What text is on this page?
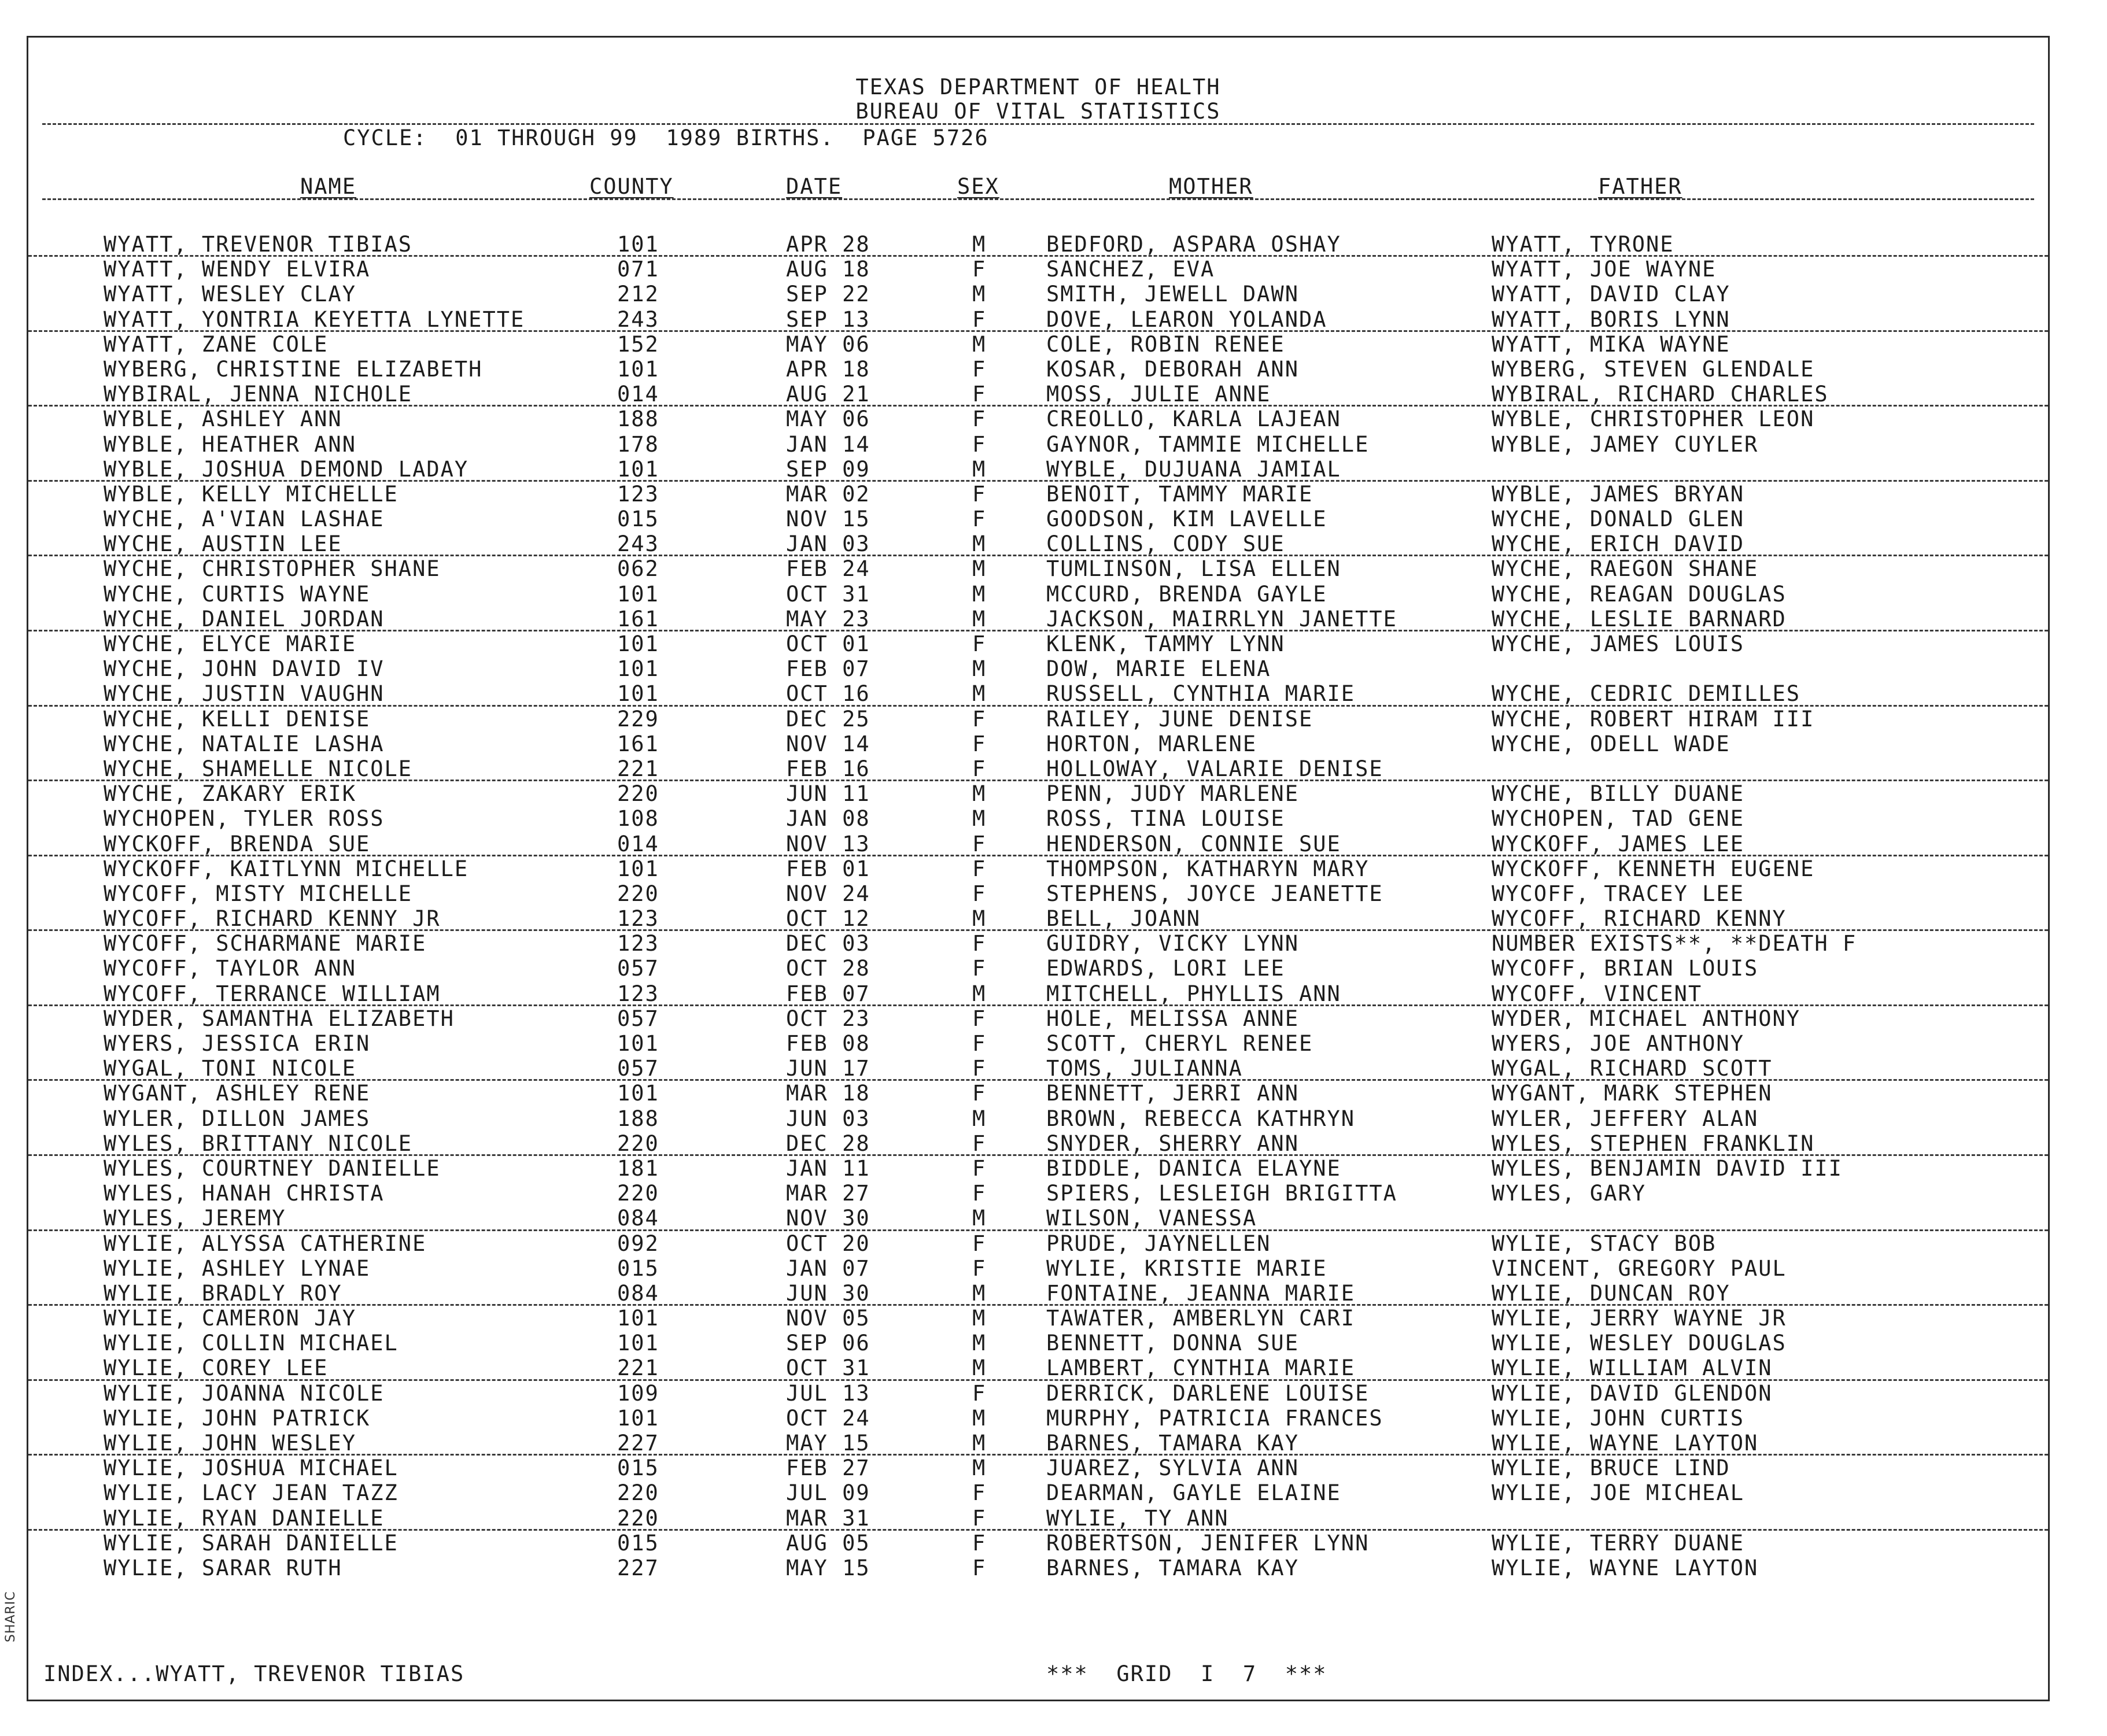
TEXAS DEPARTMENT OF HEALTH
BUREAU OF VITAL STATISTICS
CYCLE:  01 THROUGH 99  1989 BIRTHS.  PAGE 5726
NAME	COUNTY	DATE	SEX	MOTHER	FATHER
WYATT, TREVENOR TIBIAS	101	APR 28	M	BEDFORD, ASPARA OSHAY	WYATT, TYRONE
WYATT, WENDY ELVIRA	071	AUG 18	F	SANCHEZ, EVA	WYATT, JOE WAYNE
WYATT, WESLEY CLAY	212	SEP 22	M	SMITH, JEWELL DAWN	WYATT, DAVID CLAY
WYATT, YONTRIA KEYETTA LYNETTE	243	SEP 13	F	DOVE, LEARON YOLANDA	WYATT, BORIS LYNN
WYATT, ZANE COLE	152	MAY 06	M	COLE, ROBIN RENEE	WYATT, MIKA WAYNE
WYBERG, CHRISTINE ELIZABETH	101	APR 18	F	KOSAR, DEBORAH ANN	WYBERG, STEVEN GLENDALE
WYBIRAL, JENNA NICHOLE	014	AUG 21	F	MOSS, JULIE ANNE	WYBIRAL, RICHARD CHARLES
WYBLE, ASHLEY ANN	188	MAY 06	F	CREOLLO, KARLA LAJEAN	WYBLE, CHRISTOPHER LEON
WYBLE, HEATHER ANN	178	JAN 14	F	GAYNOR, TAMMIE MICHELLE	WYBLE, JAMEY CUYLER
WYBLE, JOSHUA DEMOND LADAY	101	SEP 09	M	WYBLE, DUJUANA JAMIAL
WYBLE, KELLY MICHELLE	123	MAR 02	F	BENOIT, TAMMY MARIE	WYBLE, JAMES BRYAN
WYCHE, A'VIAN LASHAE	015	NOV 15	F	GOODSON, KIM LAVELLE	WYCHE, DONALD GLEN
WYCHE, AUSTIN LEE	243	JAN 03	M	COLLINS, CODY SUE	WYCHE, ERICH DAVID
WYCHE, CHRISTOPHER SHANE	062	FEB 24	M	TUMLINSON, LISA ELLEN	WYCHE, RAEGON SHANE
WYCHE, CURTIS WAYNE	101	OCT 31	M	MCCURD, BRENDA GAYLE	WYCHE, REAGAN DOUGLAS
WYCHE, DANIEL JORDAN	161	MAY 23	M	JACKSON, MAIRRLYN JANETTE	WYCHE, LESLIE BARNARD
WYCHE, ELYCE MARIE	101	OCT 01	F	KLENK, TAMMY LYNN	WYCHE, JAMES LOUIS
WYCHE, JOHN DAVID IV	101	FEB 07	M	DOW, MARIE ELENA
WYCHE, JUSTIN VAUGHN	101	OCT 16	M	RUSSELL, CYNTHIA MARIE	WYCHE, CEDRIC DEMILLES
WYCHE, KELLI DENISE	229	DEC 25	F	RAILEY, JUNE DENISE	WYCHE, ROBERT HIRAM III
WYCHE, NATALIE LASHA	161	NOV 14	F	HORTON, MARLENE	WYCHE, ODELL WADE
WYCHE, SHAMELLE NICOLE	221	FEB 16	F	HOLLOWAY, VALARIE DENISE
WYCHE, ZAKARY ERIK	220	JUN 11	M	PENN, JUDY MARLENE	WYCHE, BILLY DUANE
WYCHOPEN, TYLER ROSS	108	JAN 08	M	ROSS, TINA LOUISE	WYCHOPEN, TAD GENE
WYCKOFF, BRENDA SUE	014	NOV 13	F	HENDERSON, CONNIE SUE	WYCKOFF, JAMES LEE
WYCKOFF, KAITLYNN MICHELLE	101	FEB 01	F	THOMPSON, KATHARYN MARY	WYCKOFF, KENNETH EUGENE
WYCOFF, MISTY MICHELLE	220	NOV 24	F	STEPHENS, JOYCE JEANETTE	WYCOFF, TRACEY LEE
WYCOFF, RICHARD KENNY JR	123	OCT 12	M	BELL, JOANN	WYCOFF, RICHARD KENNY
WYCOFF, SCHARMANE MARIE	123	DEC 03	F	GUIDRY, VICKY LYNN	NUMBER EXISTS**, **DEATH F
WYCOFF, TAYLOR ANN	057	OCT 28	F	EDWARDS, LORI LEE	WYCOFF, BRIAN LOUIS
WYCOFF, TERRANCE WILLIAM	123	FEB 07	M	MITCHELL, PHYLLIS ANN	WYCOFF, VINCENT
WYDER, SAMANTHA ELIZABETH	057	OCT 23	F	HOLE, MELISSA ANNE	WYDER, MICHAEL ANTHONY
WYERS, JESSICA ERIN	101	FEB 08	F	SCOTT, CHERYL RENEE	WYERS, JOE ANTHONY
WYGAL, TONI NICOLE	057	JUN 17	F	TOMS, JULIANNA	WYGAL, RICHARD SCOTT
WYGANT, ASHLEY RENE	101	MAR 18	F	BENNETT, JERRI ANN	WYGANT, MARK STEPHEN
WYLER, DILLON JAMES	188	JUN 03	M	BROWN, REBECCA KATHRYN	WYLER, JEFFERY ALAN
WYLES, BRITTANY NICOLE	220	DEC 28	F	SNYDER, SHERRY ANN	WYLES, STEPHEN FRANKLIN
WYLES, COURTNEY DANIELLE	181	JAN 11	F	BIDDLE, DANICA ELAYNE	WYLES, BENJAMIN DAVID III
WYLES, HANAH CHRISTA	220	MAR 27	F	SPIERS, LESLEIGH BRIGITTA	WYLES, GARY
WYLES, JEREMY	084	NOV 30	M	WILSON, VANESSA
WYLIE, ALYSSA CATHERINE	092	OCT 20	F	PRUDE, JAYNELLEN	WYLIE, STACY BOB
WYLIE, ASHLEY LYNAE	015	JAN 07	F	WYLIE, KRISTIE MARIE	VINCENT, GREGORY PAUL
WYLIE, BRADLY ROY	084	JUN 30	M	FONTAINE, JEANNA MARIE	WYLIE, DUNCAN ROY
WYLIE, CAMERON JAY	101	NOV 05	M	TAWATER, AMBERLYN CARI	WYLIE, JERRY WAYNE JR
WYLIE, COLLIN MICHAEL	101	SEP 06	M	BENNETT, DONNA SUE	WYLIE, WESLEY DOUGLAS
WYLIE, COREY LEE	221	OCT 31	M	LAMBERT, CYNTHIA MARIE	WYLIE, WILLIAM ALVIN
WYLIE, JOANNA NICOLE	109	JUL 13	F	DERRICK, DARLENE LOUISE	WYLIE, DAVID GLENDON
WYLIE, JOHN PATRICK	101	OCT 24	M	MURPHY, PATRICIA FRANCES	WYLIE, JOHN CURTIS
WYLIE, JOHN WESLEY	227	MAY 15	M	BARNES, TAMARA KAY	WYLIE, WAYNE LAYTON
WYLIE, JOSHUA MICHAEL	015	FEB 27	M	JUAREZ, SYLVIA ANN	WYLIE, BRUCE LIND
WYLIE, LACY JEAN TAZZ	220	JUL 09	F	DEARMAN, GAYLE ELAINE	WYLIE, JOE MICHEAL
WYLIE, RYAN DANIELLE	220	MAR 31	F	WYLIE, TY ANN
WYLIE, SARAH DANIELLE	015	AUG 05	F	ROBERTSON, JENIFER LYNN	WYLIE, TERRY DUANE
WYLIE, SARAR RUTH	227	MAY 15	F	BARNES, TAMARA KAY	WYLIE, WAYNE LAYTON
INDEX...WYATT, TREVENOR TIBIAS	***  GRID  I  7  ***
SHARIC
